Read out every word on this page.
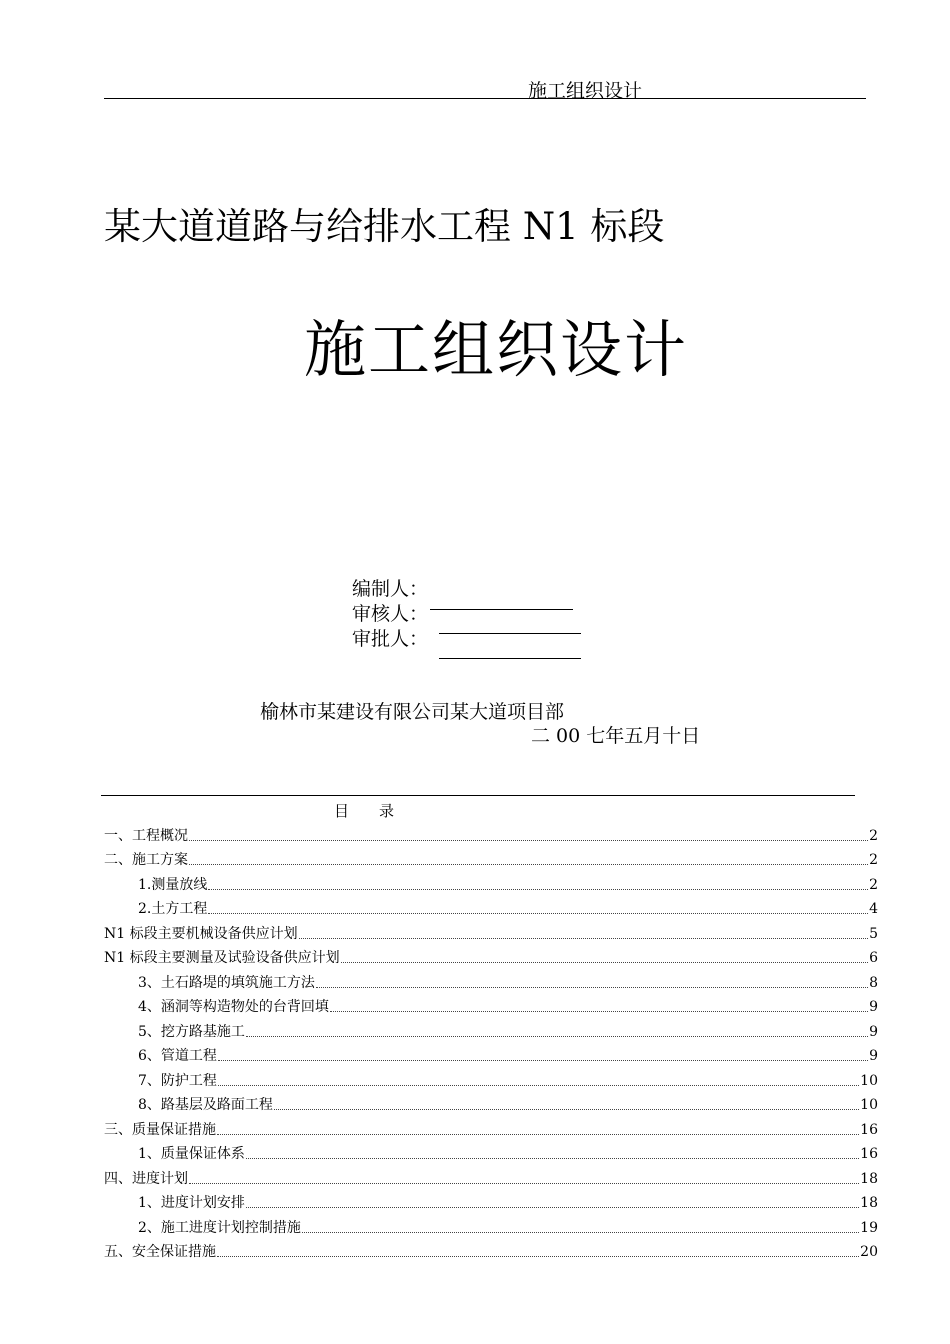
施工组织设计
某大道道路与给排水工程 N1 标段
施工组织设计
编制人：
审核人：
审批人：
榆林市某建设有限公司某大道项目部
二 00 七年五月十日
目　　录
一、工程概况	2
二、施工方案	2
1.测量放线	2
2.土方工程	4
N1 标段主要机械设备供应计划	5
N1 标段主要测量及试验设备供应计划	6
3、土石路堤的填筑施工方法	8
4、涵洞等构造物处的台背回填	9
5、挖方路基施工	9
6、管道工程	9
7、防护工程	10
8、路基层及路面工程	10
三、质量保证措施	16
1、质量保证体系	16
四、进度计划	18
1、进度计划安排	18
2、施工进度计划控制措施	19
五、安全保证措施	20
